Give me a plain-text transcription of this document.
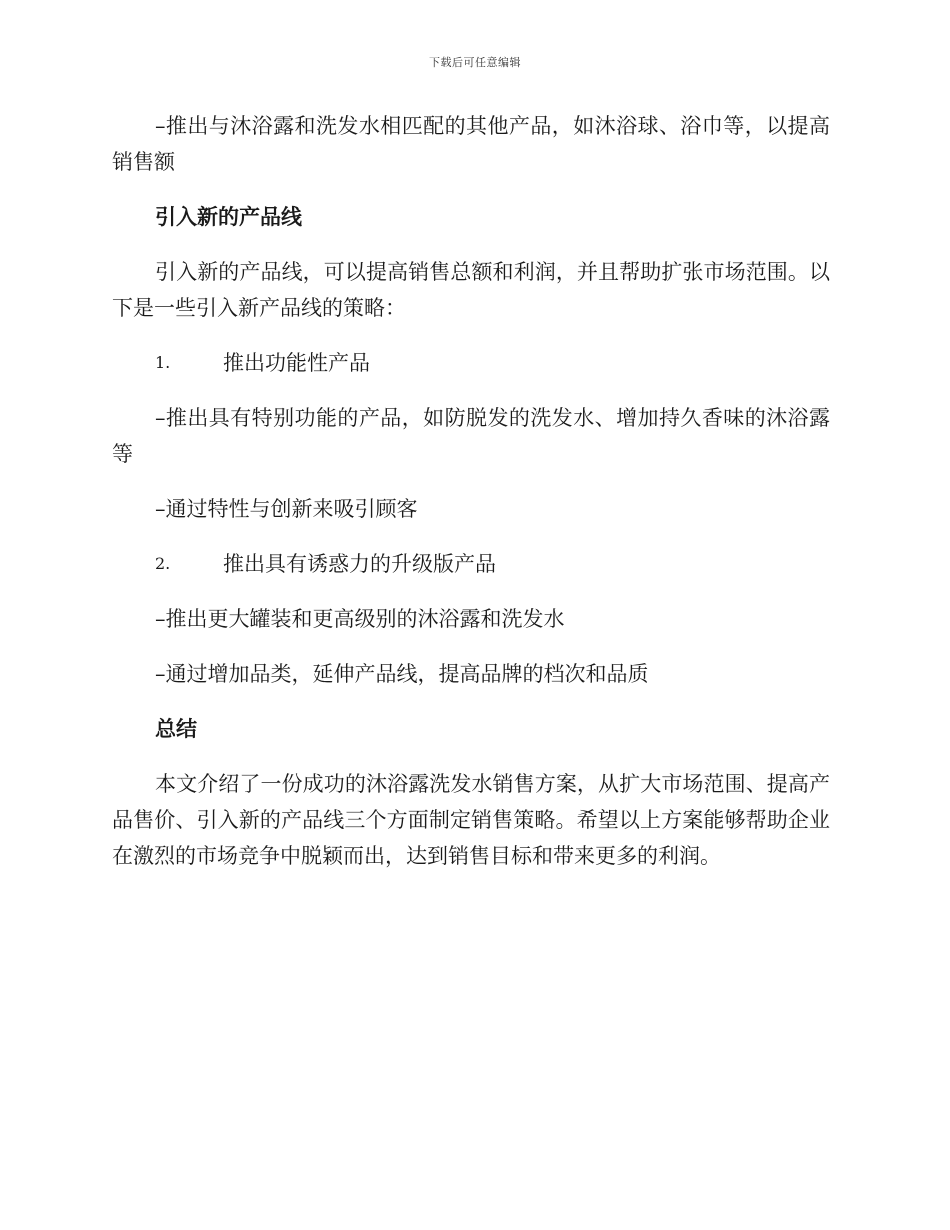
下载后可任意编辑

–推出与沐浴露和洗发水相匹配的其他产品，如沐浴球、浴巾等，以提高销售额

引入新的产品线

引入新的产品线，可以提高销售总额和利润，并且帮助扩张市场范围。以下是一些引入新产品线的策略：

1.	推出功能性产品

–推出具有特别功能的产品，如防脱发的洗发水、增加持久香味的沐浴露等

–通过特性与创新来吸引顾客

2.	推出具有诱惑力的升级版产品

–推出更大罐装和更高级别的沐浴露和洗发水

–通过增加品类，延伸产品线，提高品牌的档次和品质

总结

本文介绍了一份成功的沐浴露洗发水销售方案，从扩大市场范围、提高产品售价、引入新的产品线三个方面制定销售策略。希望以上方案能够帮助企业在激烈的市场竞争中脱颖而出，达到销售目标和带来更多的利润。
